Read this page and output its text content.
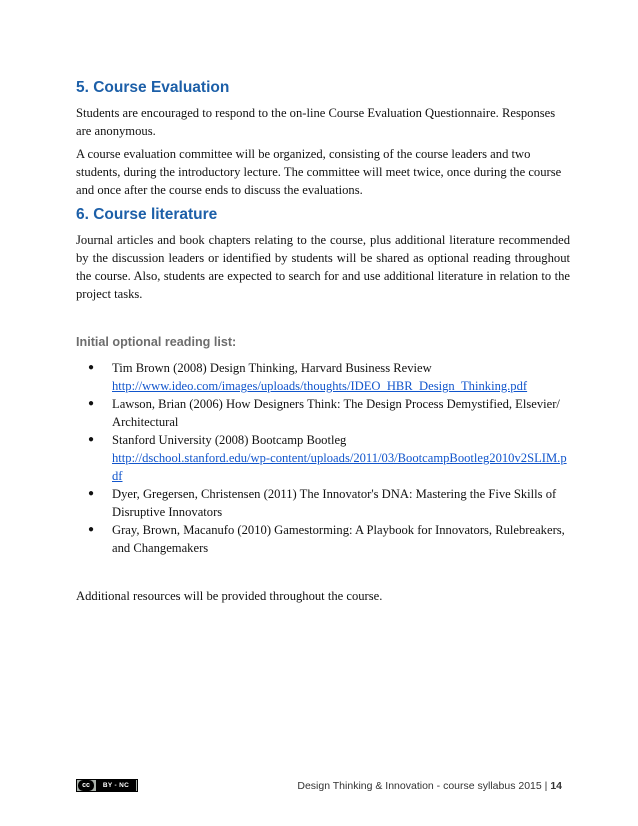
5. Course Evaluation

Students are encouraged to respond to the on-line Course Evaluation Questionnaire. Responses are anonymous.

A course evaluation committee will be organized, consisting of the course leaders and two students, during the introductory lecture. The committee will meet twice, once during the course and once after the course ends to discuss the evaluations.

6. Course literature

Journal articles and book chapters relating to the course, plus additional literature recommended by the discussion leaders or identified by students will be shared as optional reading throughout the course. Also, students are expected to search for and use additional literature in relation to the project tasks.

Initial optional reading list:
● Tim Brown (2008) Design Thinking, Harvard Business Review
http://www.ideo.com/images/uploads/thoughts/IDEO_HBR_Design_Thinking.pdf
● Lawson, Brian (2006) How Designers Think: The Design Process Demystified, Elsevier/ Architectural
● Stanford University (2008) Bootcamp Bootleg
http://dschool.stanford.edu/wp-content/uploads/2011/03/BootcampBootleg2010v2SLIM.pdf
● Dyer, Gregersen, Christensen (2011) The Innovator's DNA: Mastering the Five Skills of Disruptive Innovators
● Gray, Brown, Macanufo (2010) Gamestorming: A Playbook for Innovators, Rulebreakers, and Changemakers

Additional resources will be provided throughout the course.

cc	BY - NC	Design Thinking & Innovation - course syllabus 2015 | 14
